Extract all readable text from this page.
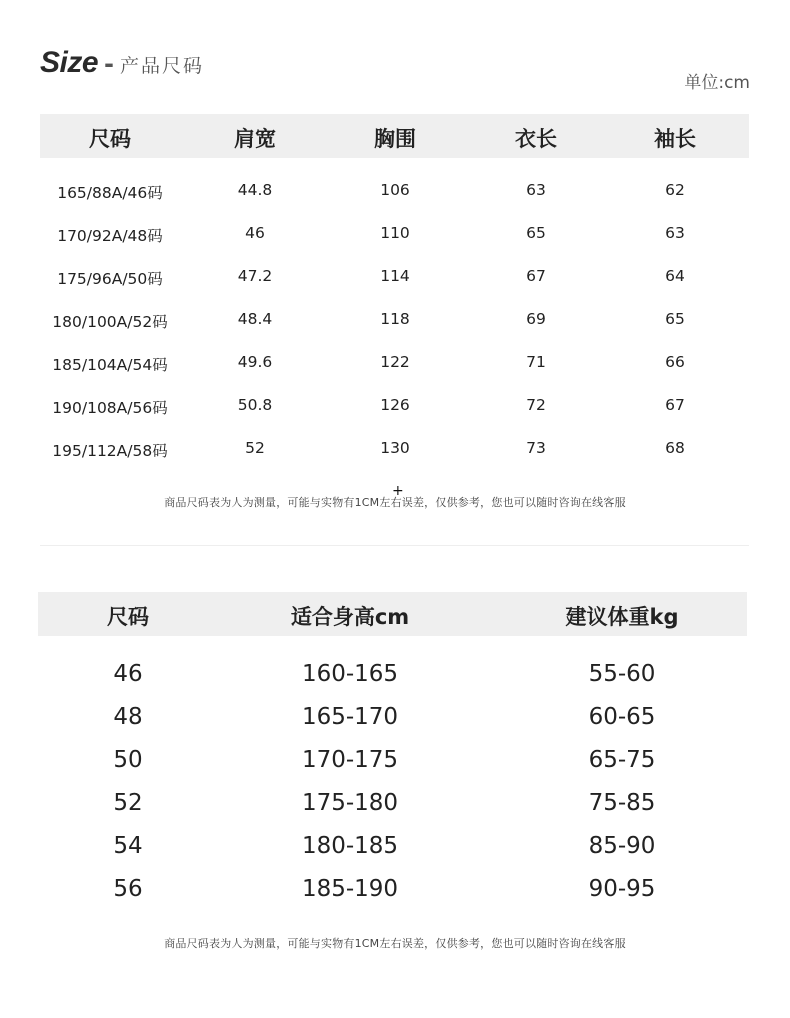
Size - 产品尺码
单位:cm
尺码	肩宽	胸围	衣长	袖长
165/88A/46码	44.8	106	63	62
170/92A/48码	46	110	65	63
175/96A/50码	47.2	114	67	64
180/100A/52码	48.4	118	69	65
185/104A/54码	49.6	122	71	66
190/108A/56码	50.8	126	72	67
195/112A/58码	52	130	73	68
商品尺码表为人为测量，可能与实物有1CM左右误差，仅供参考，您也可以随时咨询在线客服
+
尺码	适合身高cm	建议体重kg
46	160-165	55-60
48	165-170	60-65
50	170-175	65-75
52	175-180	75-85
54	180-185	85-90
56	185-190	90-95
商品尺码表为人为测量，可能与实物有1CM左右误差，仅供参考，您也可以随时咨询在线客服
